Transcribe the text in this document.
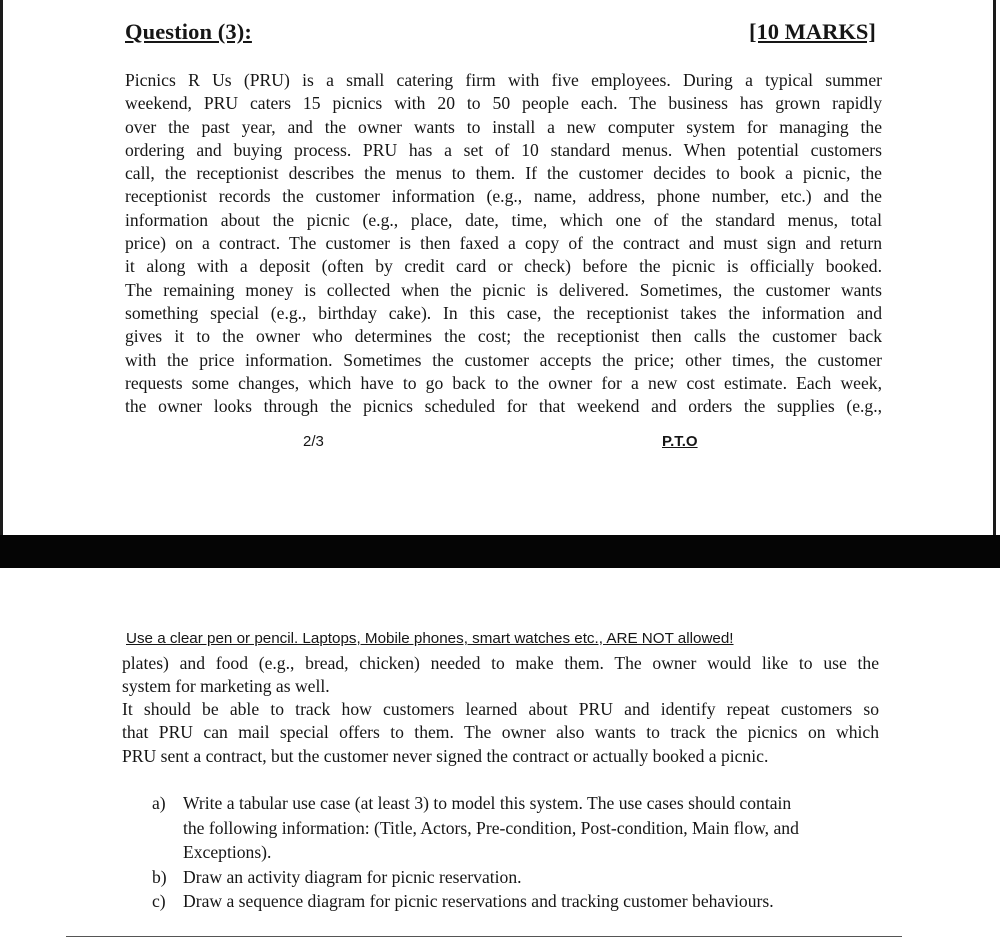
Question (3):	[10 MARKS]
Picnics R Us (PRU) is a small catering firm with five employees. During a typical summer
weekend, PRU caters 15 picnics with 20 to 50 people each. The business has grown rapidly
over the past year, and the owner wants to install a new computer system for managing the
ordering and buying process. PRU has a set of 10 standard menus. When potential customers
call, the receptionist describes the menus to them. If the customer decides to book a picnic, the
receptionist records the customer information (e.g., name, address, phone number, etc.) and the
information about the picnic (e.g., place, date, time, which one of the standard menus, total
price) on a contract. The customer is then faxed a copy of the contract and must sign and return
it along with a deposit (often by credit card or check) before the picnic is officially booked.
The remaining money is collected when the picnic is delivered. Sometimes, the customer wants
something special (e.g., birthday cake). In this case, the receptionist takes the information and
gives it to the owner who determines the cost; the receptionist then calls the customer back
with the price information. Sometimes the customer accepts the price; other times, the customer
requests some changes, which have to go back to the owner for a new cost estimate. Each week,
the owner looks through the picnics scheduled for that weekend and orders the supplies (e.g.,
2/3	P.T.O
Use a clear pen or pencil. Laptops, Mobile phones, smart watches etc., ARE NOT allowed!
plates) and food (e.g., bread, chicken) needed to make them. The owner would like to use the
system for marketing as well.
It should be able to track how customers learned about PRU and identify repeat customers so
that PRU can mail special offers to them. The owner also wants to track the picnics on which
PRU sent a contract, but the customer never signed the contract or actually booked a picnic.
a) Write a tabular use case (at least 3) to model this system. The use cases should contain
the following information: (Title, Actors, Pre-condition, Post-condition, Main flow, and
Exceptions).
b) Draw an activity diagram for picnic reservation.
c) Draw a sequence diagram for picnic reservations and tracking customer behaviours.
